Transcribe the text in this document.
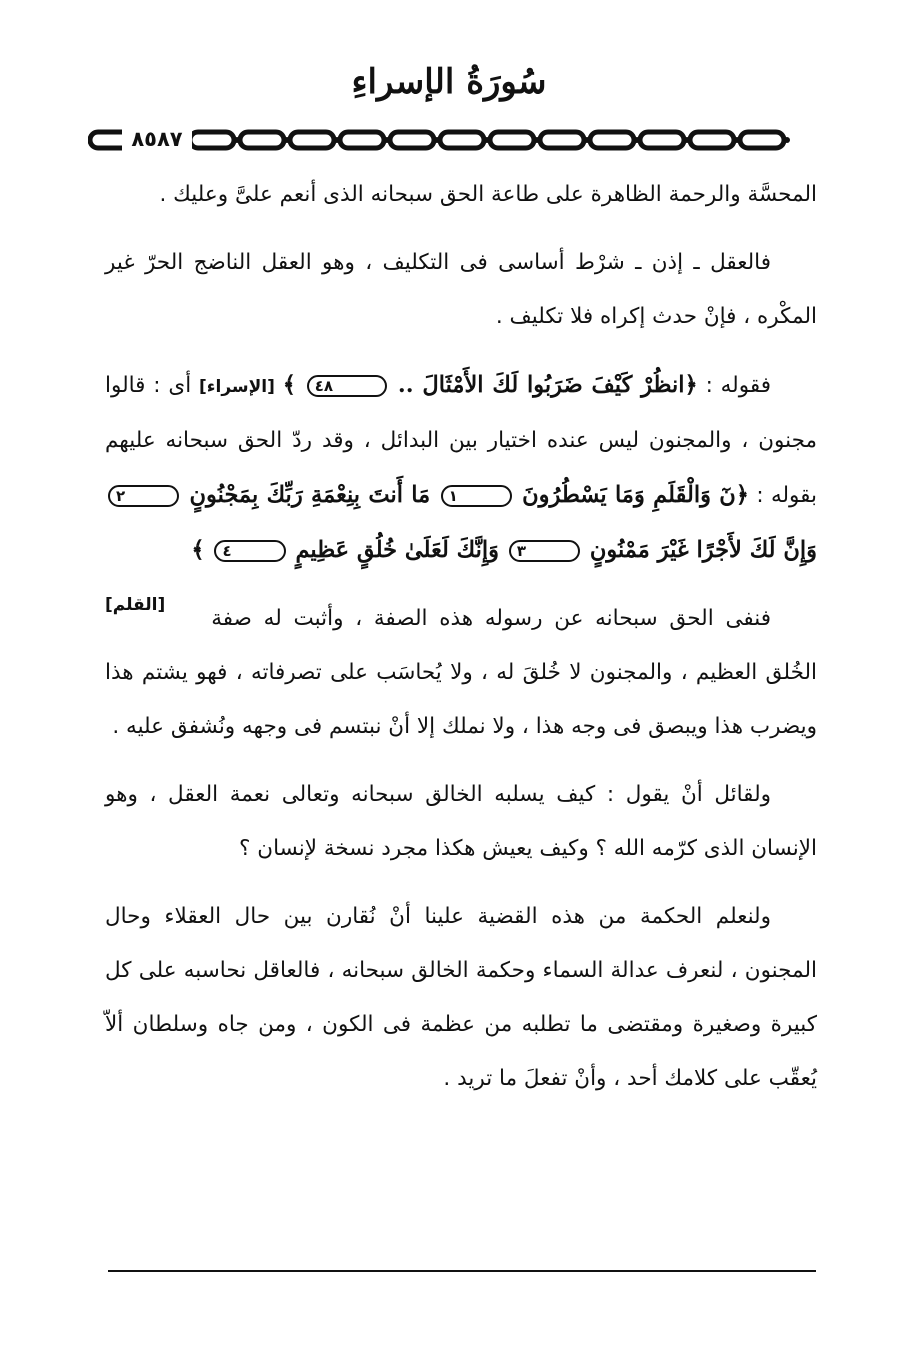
سُورَةُ الإسراءِ
٨٥٨٧

المحسَّة والرحمة الظاهرة على طاعة الحق سبحانه الذى أنعم علىَّ وعليك .

فالعقل ـ إذن ـ شرْط أساسى فى التكليف ، وهو العقل الناضج الحرّ غير المكْره ، فإنْ حدث إكراه فلا تكليف .

فقوله : ﴿انظُرْ كَيْفَ ضَرَبُوا لَكَ الأَمْثَالَ .. ٤٨ ﴾ [الإسراء] أى : قالوا مجنون ، والمجنون ليس عنده اختيار بين البدائل ، وقد ردّ الحق سبحانه عليهم بقوله : ﴿نٓ وَالْقَلَمِ وَمَا يَسْطُرُونَ ١ مَا أَنتَ بِنِعْمَةِ رَبِّكَ بِمَجْنُونٍ ٢ وَإِنَّ لَكَ لأَجْرًا غَيْرَ مَمْنُونٍ ٣ وَإِنَّكَ لَعَلَىٰ خُلُقٍ عَظِيمٍ ٤ ﴾
[القلم]

فنفى الحق سبحانه عن رسوله هذه الصفة ، وأثبت له صفة الخُلق العظيم ، والمجنون لا خُلقَ له ، ولا يُحاسَب على تصرفاته ، فهو يشتم هذا ويضرب هذا ويبصق فى وجه هذا ، ولا نملك إلا أنْ نبتسم فى وجهه ونُشفق عليه .

ولقائل أنْ يقول : كيف يسلبه الخالق سبحانه وتعالى نعمة العقل ، وهو الإنسان الذى كرّمه الله ؟ وكيف يعيش هكذا مجرد نسخة لإنسان ؟

ولنعلم الحكمة من هذه القضية علينا أنْ نُقارن بين حال العقلاء وحال المجنون ، لنعرف عدالة السماء وحكمة الخالق سبحانه ، فالعاقل نحاسبه على كل كبيرة وصغيرة ومقتضى ما تطلبه من عظمة فى الكون ، ومن جاه وسلطان ألاّ يُعقّب على كلامك أحد ، وأنْ تفعلَ ما تريد .
